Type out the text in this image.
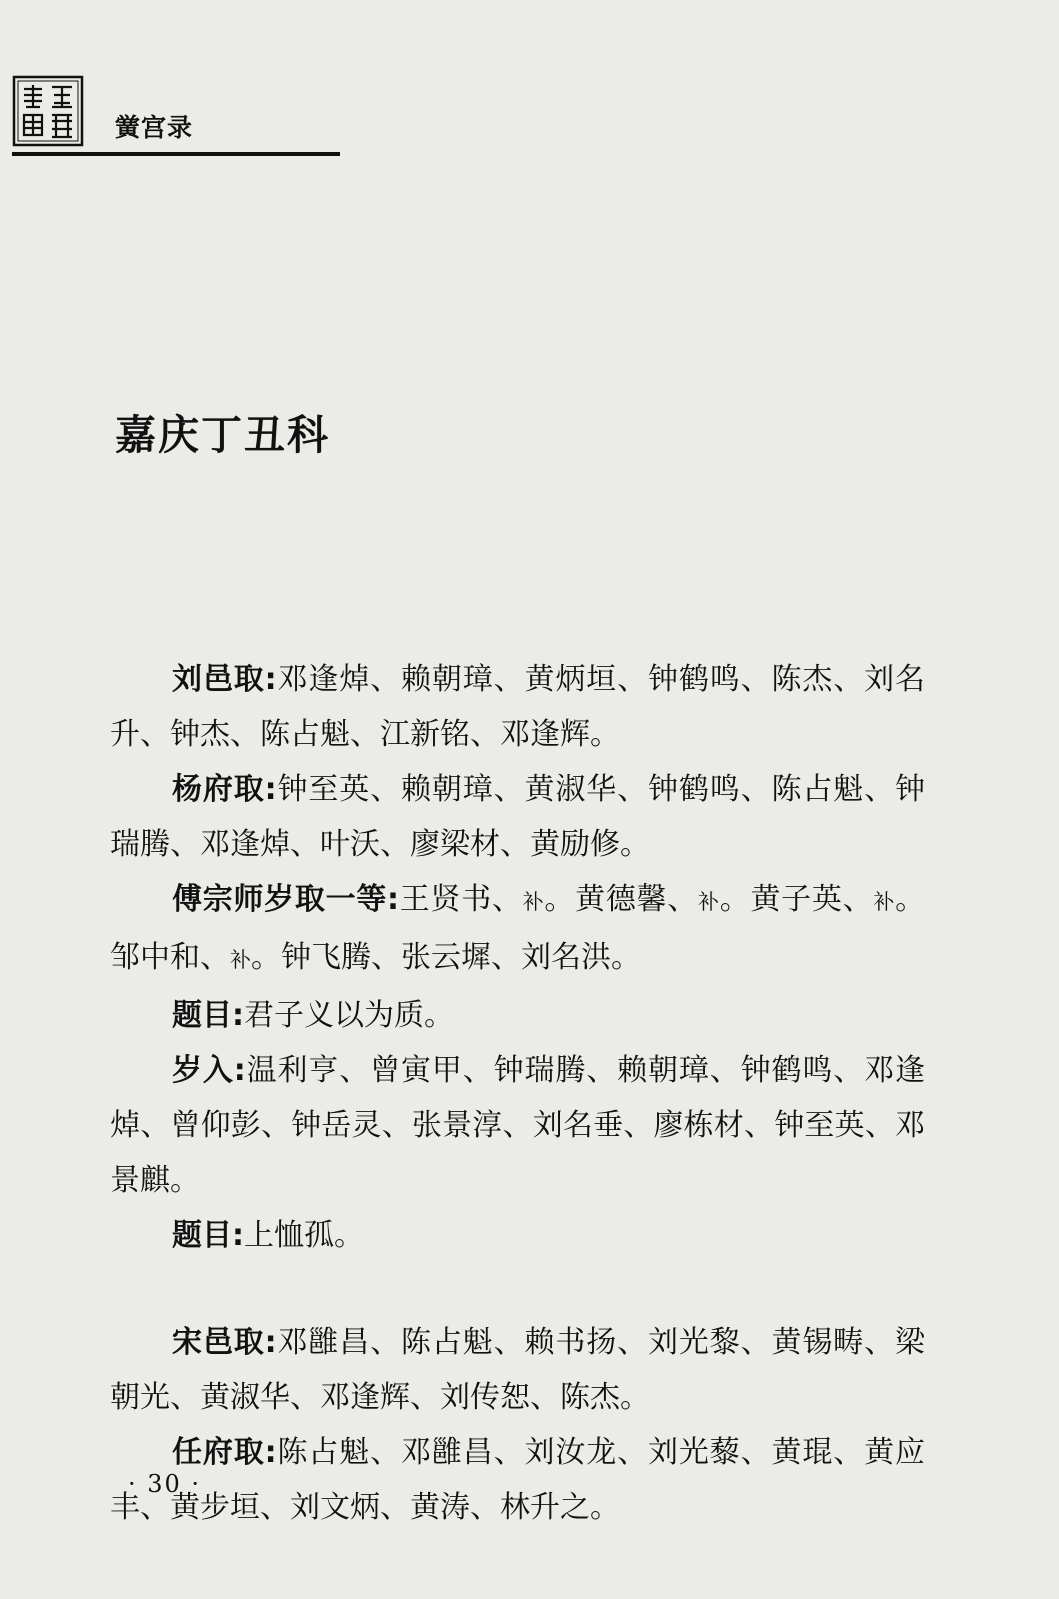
黉宫录
嘉庆丁丑科

刘邑取:邓逢焯、赖朝璋、黄炳垣、钟鹤鸣、陈杰、刘名升、钟杰、陈占魁、江新铭、邓逢辉。

杨府取:钟至英、赖朝璋、黄淑华、钟鹤鸣、陈占魁、钟瑞腾、邓逢焯、叶沃、廖梁材、黄励修。

傅宗师岁取一等:王贤书、补。黄德馨、补。黄子英、补。邹中和、补。钟飞腾、张云墀、刘名洪。

题目:君子义以为质。

岁入:温利亨、曾寅甲、钟瑞腾、赖朝璋、钟鹤鸣、邓逢焯、曾仰彭、钟岳灵、张景淳、刘名垂、廖栋材、钟至英、邓景麒。

题目:上恤孤。

宋邑取:邓雝昌、陈占魁、赖书扬、刘光黎、黄锡畴、梁朝光、黄淑华、邓逢辉、刘传恕、陈杰。

任府取:陈占魁、邓雝昌、刘汝龙、刘光藜、黄琨、黄应丰、黄步垣、刘文炳、黄涛、林升之。

· 30 ·
